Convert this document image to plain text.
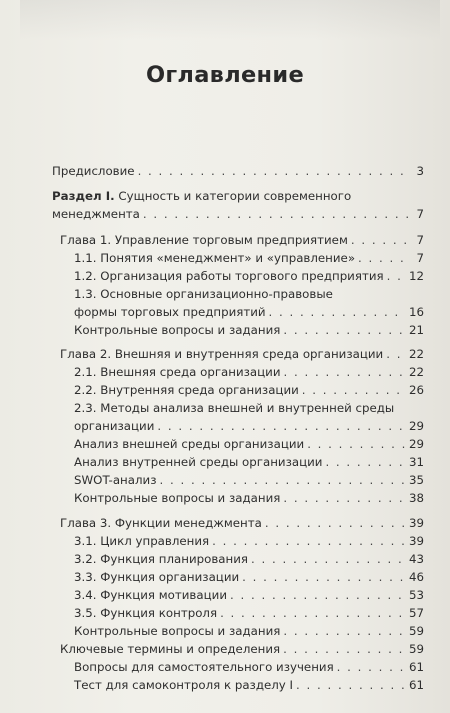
Оглавление
Предисловие . . .	3
Раздел I. Сущность и категории современного
менеджмента . . .	7
Глава 1. Управление торговым предприятием . . .	7
1.1. Понятия «менеджмент» и «управление» . . .	7
1.2. Организация работы торгового предприятия . . . 12
1.3. Основные организационно-правовые
формы торговых предприятий . . .	16
Контрольные вопросы и задания . . .	21
Глава 2. Внешняя и внутренняя среда организации . . . 22
2.1. Внешняя среда организации . . .	22
2.2. Внутренняя среда организации . . .	26
2.3. Методы анализа внешней и внутренней среды
организации . . .	29
Анализ внешней среды организации . . .	29
Анализ внутренней среды организации . . .	31
SWOT-анализ . . .	35
Контрольные вопросы и задания . . .	38
Глава 3. Функции менеджмента . . .	39
3.1. Цикл управления . . .	39
3.2. Функция планирования . . .	43
3.3. Функция организации . . .	46
3.4. Функция мотивации . . .	53
3.5. Функция контроля . . .	57
Контрольные вопросы и задания . . .	59
Ключевые термины и определения . . .	59
Вопросы для самостоятельного изучения . . .	61
Тест для самоконтроля к разделу I . . .	61
